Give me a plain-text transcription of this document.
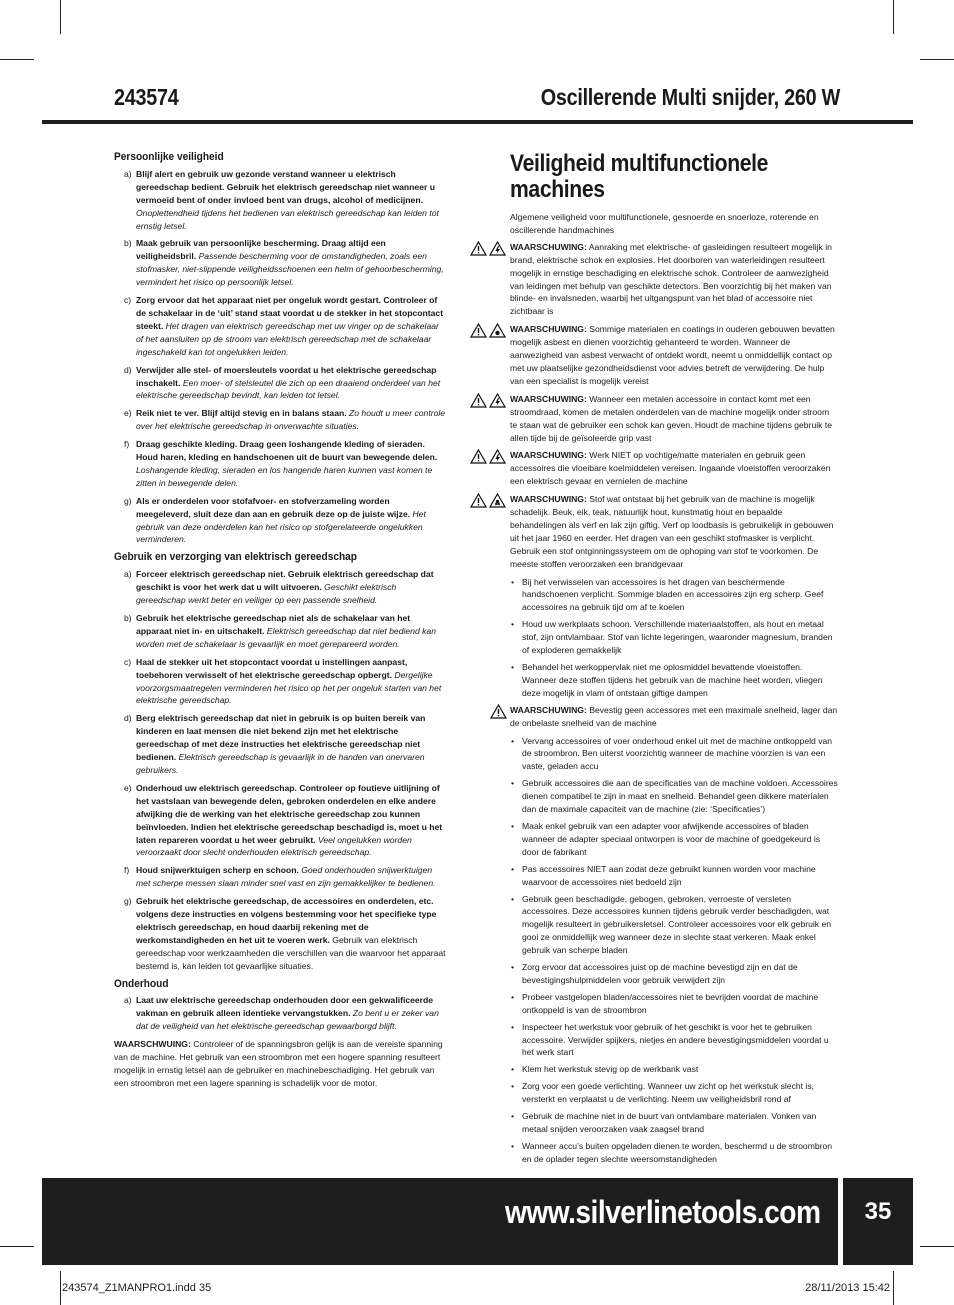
243574	Oscillerende Multi snijder, 260 W
Persoonlijke veiligheid
a) Blijf alert en gebruik uw gezonde verstand wanneer u elektrisch gereedschap bedient. Gebruik het elektrisch gereedschap niet wanneer u vermoeid bent of onder invloed bent van drugs, alcohol of medicijnen. Onoplettendheid tijdens het bedienen van elektrisch gereedschap kan leiden tot ernstig letsel.
b) Maak gebruik van persoonlijke bescherming. Draag altijd een veiligheidsbril. Passende bescherming voor de omstandigheden, zoals een stofmasker, niet-slippende veiligheidsschoenen een helm of gehoorbescherming, vermindert het risico op persoonlijk letsel.
c) Zorg ervoor dat het apparaat niet per ongeluk wordt gestart. Controleer of de schakelaar in de ‘uit’ stand staat voordat u de stekker in het stopcontact steekt. Het dragen van elektrisch gereedschap met uw vinger op de schakelaar of het aansluiten op de stroom van elektrisch gereedschap met de schakelaar ingeschakeld kan tot ongelukken leiden.
d) Verwijder alle stel- of moersleutels voordat u het elektrische gereedschap inschakelt. Een moer- of stelsleutel die zich op een draaiend onderdeel van het elektrische gereedschap bevindt, kan leiden tot letsel.
e) Reik niet te ver. Blijf altijd stevig en in balans staan. Zo houdt u meer controle over het elektrische gereedschap in onverwachte situaties.
f) Draag geschikte kleding. Draag geen loshangende kleding of sieraden. Houd haren, kleding en handschoenen uit de buurt van bewegende delen. Loshangende kleding, sieraden en los hangende haren kunnen vast komen te zitten in bewegende delen.
g) Als er onderdelen voor stofafvoer- en stofverzameling worden meegeleverd, sluit deze dan aan en gebruik deze op de juiste wijze. Het gebruik van deze onderdelen kan het risico op stofgerelateerde ongelukken verminderen.
Gebruik en verzorging van elektrisch gereedschap
a) Forceer elektrisch gereedschap niet. Gebruik elektrisch gereedschap dat geschikt is voor het werk dat u wilt uitvoeren. Geschikt elektrisch gereedschap werkt beter en veiliger op een passende snelheid.
b) Gebruik het elektrische gereedschap niet als de schakelaar van het apparaat niet in- en uitschakelt. Elektrisch gereedschap dat niet bediend kan worden met de schakelaar is gevaarlijk en moet gerepareerd worden.
c) Haal de stekker uit het stopcontact voordat u instellingen aanpast, toebehoren verwisselt of het elektrische gereedschap opbergt. Dergelijke voorzorgsmaatregelen verminderen het risico op het per ongeluk starten van het elektrische gereedschap.
d) Berg elektrisch gereedschap dat niet in gebruik is op buiten bereik van kinderen en laat mensen die niet bekend zijn met het elektrische gereedschap of met deze instructies het elektrische gereedschap niet bedienen. Elektrisch gereedschap is gevaarlijk in de handen van onervaren gebruikers.
e) Onderhoud uw elektrisch gereedschap. Controleer op foutieve uitlijning of het vastslaan van bewegende delen, gebroken onderdelen en elke andere afwijking die de werking van het elektrische gereedschap zou kunnen beïnvloeden. Indien het elektrische gereedschap beschadigd is, moet u het laten repareren voordat u het weer gebruikt. Veel ongelukken worden veroorzaakt door slecht onderhouden elektrisch gereedschap.
f) Houd snijwerktuigen scherp en schoon. Goed onderhouden snijwerktuigen met scherpe messen slaan minder snel vast en zijn gemakkelijker te bedienen.
g) Gebruik het elektrische gereedschap, de accessoires en onderdelen, etc. volgens deze instructies en volgens bestemming voor het specifieke type elektrisch gereedschap, en houd daarbij rekening met de werkomstandigheden en het uit te voeren werk. Gebruik van elektrisch gereedschap voor werkzaamheden die verschillen van die waarvoor het apparaat bestemd is, kan leiden tot gevaarlijke situaties.
Onderhoud
a) Laat uw elektrische gereedschap onderhouden door een gekwalificeerde vakman en gebruik alleen identieke vervangstukken. Zo bent u er zeker van dat de veiligheid van het elektrische gereedschap gewaarborgd blijft.
WAARSCHWUING: Controleer of de spanningsbron gelijk is aan de vereiste spanning van de machine. Het gebruik van een stroombron met een hogere spanning resulteert mogelijk in ernstig letsel aan de gebruiker en machinebeschadiging. Het gebruik van een stroombron met een lagere spanning is schadelijk voor de motor.
Veiligheid multifunctionele machines
Algemene veiligheid voor multifunctionele, gesnoerde en snoerloze, roterende en oscillerende handmachines
WAARSCHUWING: Aanraking met elektrische- of gasleidingen resulteert mogelijk in brand, elektrische schok en explosies. Het doorboren van waterleidingen resulteert mogelijk in ernstige beschadiging en elektrische schok. Controleer de aanwezigheid van leidingen met behulp van geschikte detectors. Ben voorzichtig bij het maken van blinde- en invalsneden, waarbij het uitgangspunt van het blad of accessoire niet zichtbaar is
WAARSCHUWING: Sommige materialen en coatings in ouderen gebouwen bevatten mogelijk asbest en dienen voorzichtig gehanteerd te worden. Wanneer de aanwezigheid van asbest verwacht of ontdekt wordt, neemt u onmiddellijk contact op met uw plaatselijke gezondheidsdienst voor advies betreft de verwijdering. De hulp van een specialist is mogelijk vereist
WAARSCHUWING: Wanneer een metalen accessoire in contact komt met een stroomdraad, komen de metalen onderdelen van de machine mogelijk onder stroom te staan wat de gebruiker een schok kan geven. Houdt de machine tijdens gebruik te allen tijde bij de geïsoleerde grip vast
WAARSCHUWING: Werk NIET op vochtige/natte materialen en gebruik geen accessoires die vloeibare koelmiddelen vereisen. Ingaande vloeistoffen veroorzaken een elektrisch gevaar en vernielen de machine
WAARSCHUWING: Stof wat ontstaat bij het gebruik van de machine is mogelijk schadelijk. Beuk, eik, teak, natuurlijk hout, kunstmatig hout en bepaalde behandelingen als verf en lak zijn giftig. Verf op loodbasis is gebruikelijk in gebouwen uit het jaar 1960 en eerder. Het dragen van een geschikt stofmasker is verplicht. Gebruik een stof ontginningssysteem om de ophoping van stof te voorkomen. De meeste stoffen veroorzaken een brandgevaar
• Bij het verwisselen van accessoires is het dragen van beschermende handschoenen verplicht. Sommige bladen en accessoires zijn erg scherp. Geef accessoires na gebruik tijd om af te koelen
• Houd uw werkplaats schoon. Verschillende materiaalstoffen, als hout en metaal stof, zijn ontvlambaar. Stof van lichte legeringen, waaronder magnesium, branden of exploderen gemakkelijk
• Behandel het werkoppervlak niet me oplosmiddel bevattende vloeistoffen. Wanneer deze stoffen tijdens het gebruik van de machine heet worden, vliegen deze mogelijk in vlam of ontstaan giftige dampen
WAARSCHUWING: Bevestig geen accessores met een maximale snelheid, lager dan de onbelaste snelheid van de machine
• Vervang accessoires of voer onderhoud enkel uit met de machine ontkoppeld van de stroombron. Ben uiterst voorzichtig wanneer de machine voorzien is van een vaste, geladen accu
• Gebruik accessoires die aan de specificaties van de machine voldoen. Accessoires dienen compatibel te zijn in maat en snelheid. Behandel geen dikkere materialen dan de maximale capaciteit van de machine (zie: ‘Specificaties’)
• Maak enkel gebruik van een adapter voor afwijkende accessoires of bladen wanneer de adapter speciaal ontworpen is voor de machine of goedgekeurd is door de fabrikant
• Pas accessoires NIET aan zodat deze gebruikt kunnen worden voor machine waarvoor de accessoires niet bedoeld zijn
• Gebruik geen beschadigde, gebogen, gebroken, verroeste of versleten accessoires. Deze accessoires kunnen tijdens gebruik verder beschadigden, wat mogelijk resulteert in gebruikersletsel. Controleer accessoires voor elk gebruik en gooi ze onmiddellijk weg wanneer deze in slechte staat verkeren. Maak enkel gebruik van scherpe bladen
• Zorg ervoor dat accessoires juist op de machine bevestigd zijn en dat de bevestigingshulpmiddelen voor gebruik verwijdert zijn
• Probeer vastgelopen bladen/accessoires niet te bevrijden voordat de machine ontkoppeld is van de stroombron
• Inspecteer het werkstuk voor gebruik of het geschikt is voor het te gebruiken accessoire. Verwijder spijkers, nietjes en andere bevestigingsmiddelen voordat u het werk start
• Klem het werkstuk stevig op de werkbank vast
• Zorg voor een goede verlichting. Wanneer uw zicht op het werkstuk slecht is, versterkt en verplaatst u de verlichting. Neem uw veiligheidsbril rond af
• Gebruik de machine niet in de buurt van ontvlambare materialen. Vonken van metaal snijden veroorzaken vaak zaagsel brand
• Wanneer accu’s buiten opgeladen dienen te worden, beschermd u de stroombron en de oplader tegen slechte weersomstandigheden
www.silverlinetools.com	35
243574_Z1MANPRO1.indd 35	28/11/2013 15:42
